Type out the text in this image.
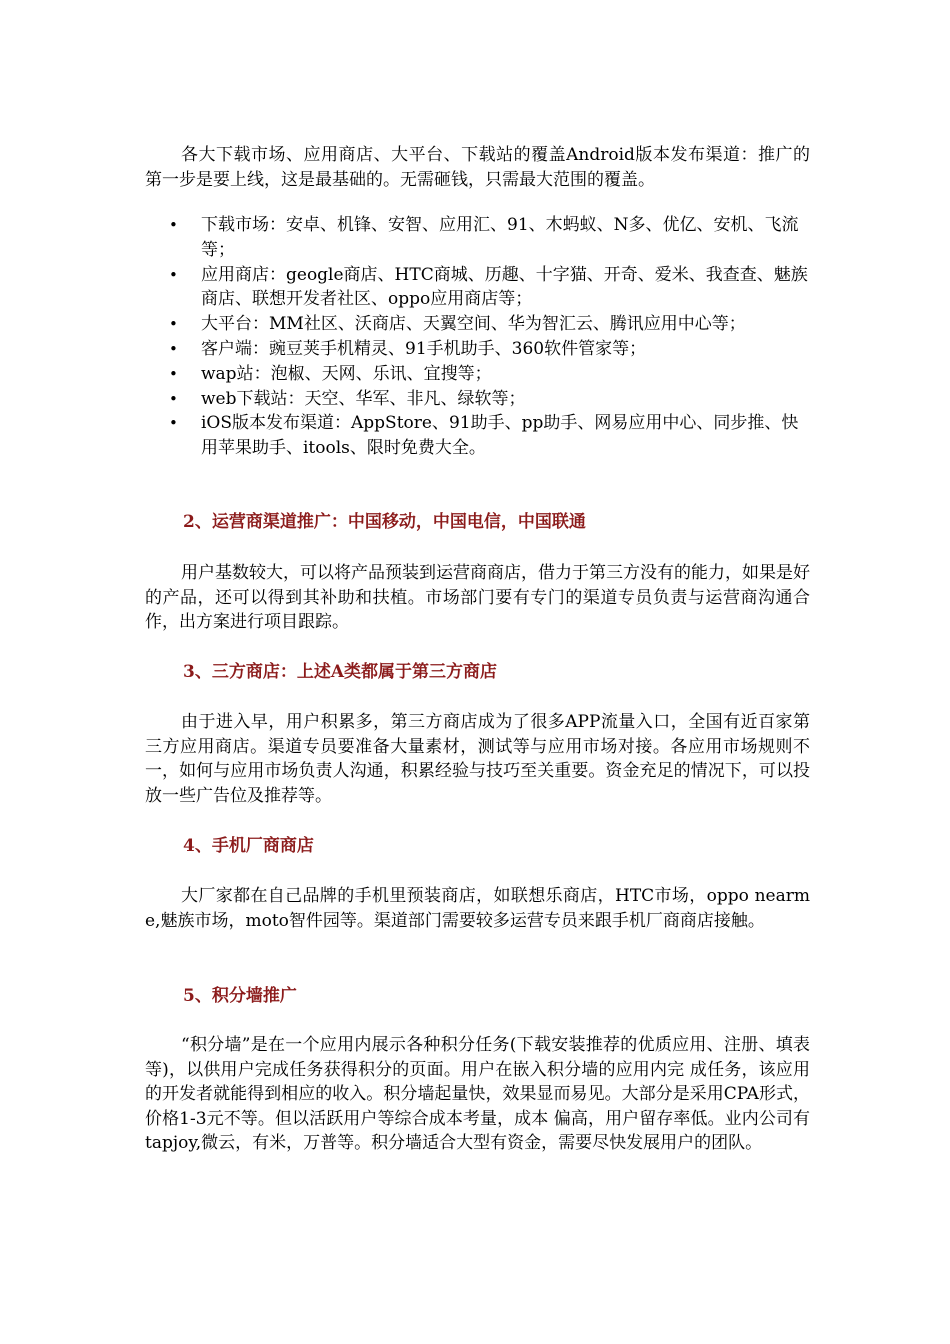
各大下载市场、应用商店、大平台、下载站的覆盖Android版本发布渠道：推广的第一步是要上线，这是最基础的。无需砸钱，只需最大范围的覆盖。

• 下载市场：安卓、机锋、安智、应用汇、91、木蚂蚁、N多、优亿、安机、飞流等；
• 应用商店：geogle商店、HTC商城、历趣、十字猫、开奇、爱米、我查查、魅族商店、联想开发者社区、oppo应用商店等；
• 大平台：MM社区、沃商店、天翼空间、华为智汇云、腾讯应用中心等；
• 客户端：豌豆荚手机精灵、91手机助手、360软件管家等；
• wap站：泡椒、天网、乐讯、宜搜等；
• web下载站：天空、华军、非凡、绿软等；
• iOS版本发布渠道：AppStore、91助手、pp助手、网易应用中心、同步推、快用苹果助手、itools、限时免费大全。
2、运营商渠道推广：中国移动，中国电信，中国联通

用户基数较大，可以将产品预装到运营商商店，借力于第三方没有的能力，如果是好的产品，还可以得到其补助和扶植。市场部门要有专门的渠道专员负责与运营商沟通合作，出方案进行项目跟踪。

3、三方商店：上述A类都属于第三方商店

由于进入早，用户积累多，第三方商店成为了很多APP流量入口，全国有近百家第三方应用商店。渠道专员要准备大量素材，测试等与应用市场对接。各应用市场规则不一，如何与应用市场负责人沟通，积累经验与技巧至关重要。资金充足的情况下，可以投放一些广告位及推荐等。

4、手机厂商商店

大厂家都在自己品牌的手机里预装商店，如联想乐商店，HTC市场，oppo nearme,魅族市场，moto智件园等。渠道部门需要较多运营专员来跟手机厂商商店接触。

5、积分墙推广

“积分墙”是在一个应用内展示各种积分任务(下载安装推荐的优质应用、注册、填表等)，以供用户完成任务获得积分的页面。用户在嵌入积分墙的应用内完 成任务，该应用的开发者就能得到相应的收入。积分墙起量快，效果显而易见。大部分是采用CPA形式，价格1-3元不等。但以活跃用户等综合成本考量，成本 偏高，用户留存率低。业内公司有tapjoy,微云，有米，万普等。积分墙适合大型有资金，需要尽快发展用户的团队。
